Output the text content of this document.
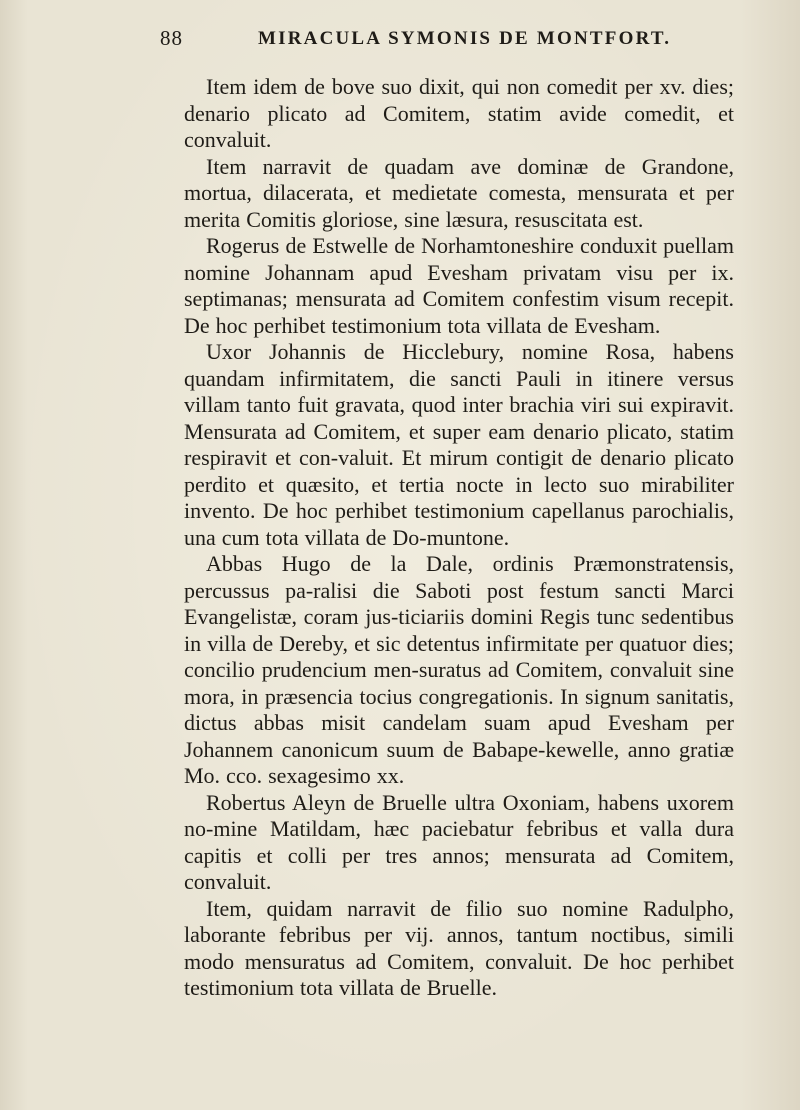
88	MIRACULA SYMONIS DE MONTFORT.

Item idem de bove suo dixit, qui non comedit per xv. dies; denario plicato ad Comitem, statim avide comedit, et convaluit.

Item narravit de quadam ave dominæ de Grandone, mortua, dilacerata, et medietate comesta, mensurata et per merita Comitis gloriose, sine læsura, resuscitata est.

Rogerus de Estwelle de Norhamtoneshire conduxit puellam nomine Johannam apud Evesham privatam visu per ix. septimanas; mensurata ad Comitem confestim visum recepit. De hoc perhibet testimonium tota villata de Evesham.

Uxor Johannis de Hicclebury, nomine Rosa, habens quandam infirmitatem, die sancti Pauli in itinere versus villam tanto fuit gravata, quod inter brachia viri sui expiravit. Mensurata ad Comitem, et super eam denario plicato, statim respiravit et con-valuit. Et mirum contigit de denario plicato perdito et quæsito, et tertia nocte in lecto suo mirabiliter invento. De hoc perhibet testimonium capellanus parochialis, una cum tota villata de Do-muntone.

Abbas Hugo de la Dale, ordinis Præmonstratensis, percussus pa-ralisi die Saboti post festum sancti Marci Evangelistæ, coram jus-ticiariis domini Regis tunc sedentibus in villa de Dereby, et sic detentus infirmitate per quatuor dies; concilio prudencium men-suratus ad Comitem, convaluit sine mora, in præsencia tocius congregationis. In signum sanitatis, dictus abbas misit candelam suam apud Evesham per Johannem canonicum suum de Babape-kewelle, anno gratiæ Mo. cco. sexagesimo xx.

Robertus Aleyn de Bruelle ultra Oxoniam, habens uxorem no-mine Matildam, hæc paciebatur febribus et valla dura capitis et colli per tres annos; mensurata ad Comitem, convaluit.

Item, quidam narravit de filio suo nomine Radulpho, laborante febribus per vij. annos, tantum noctibus, simili modo mensuratus ad Comitem, convaluit. De hoc perhibet testimonium tota villata de Bruelle.
